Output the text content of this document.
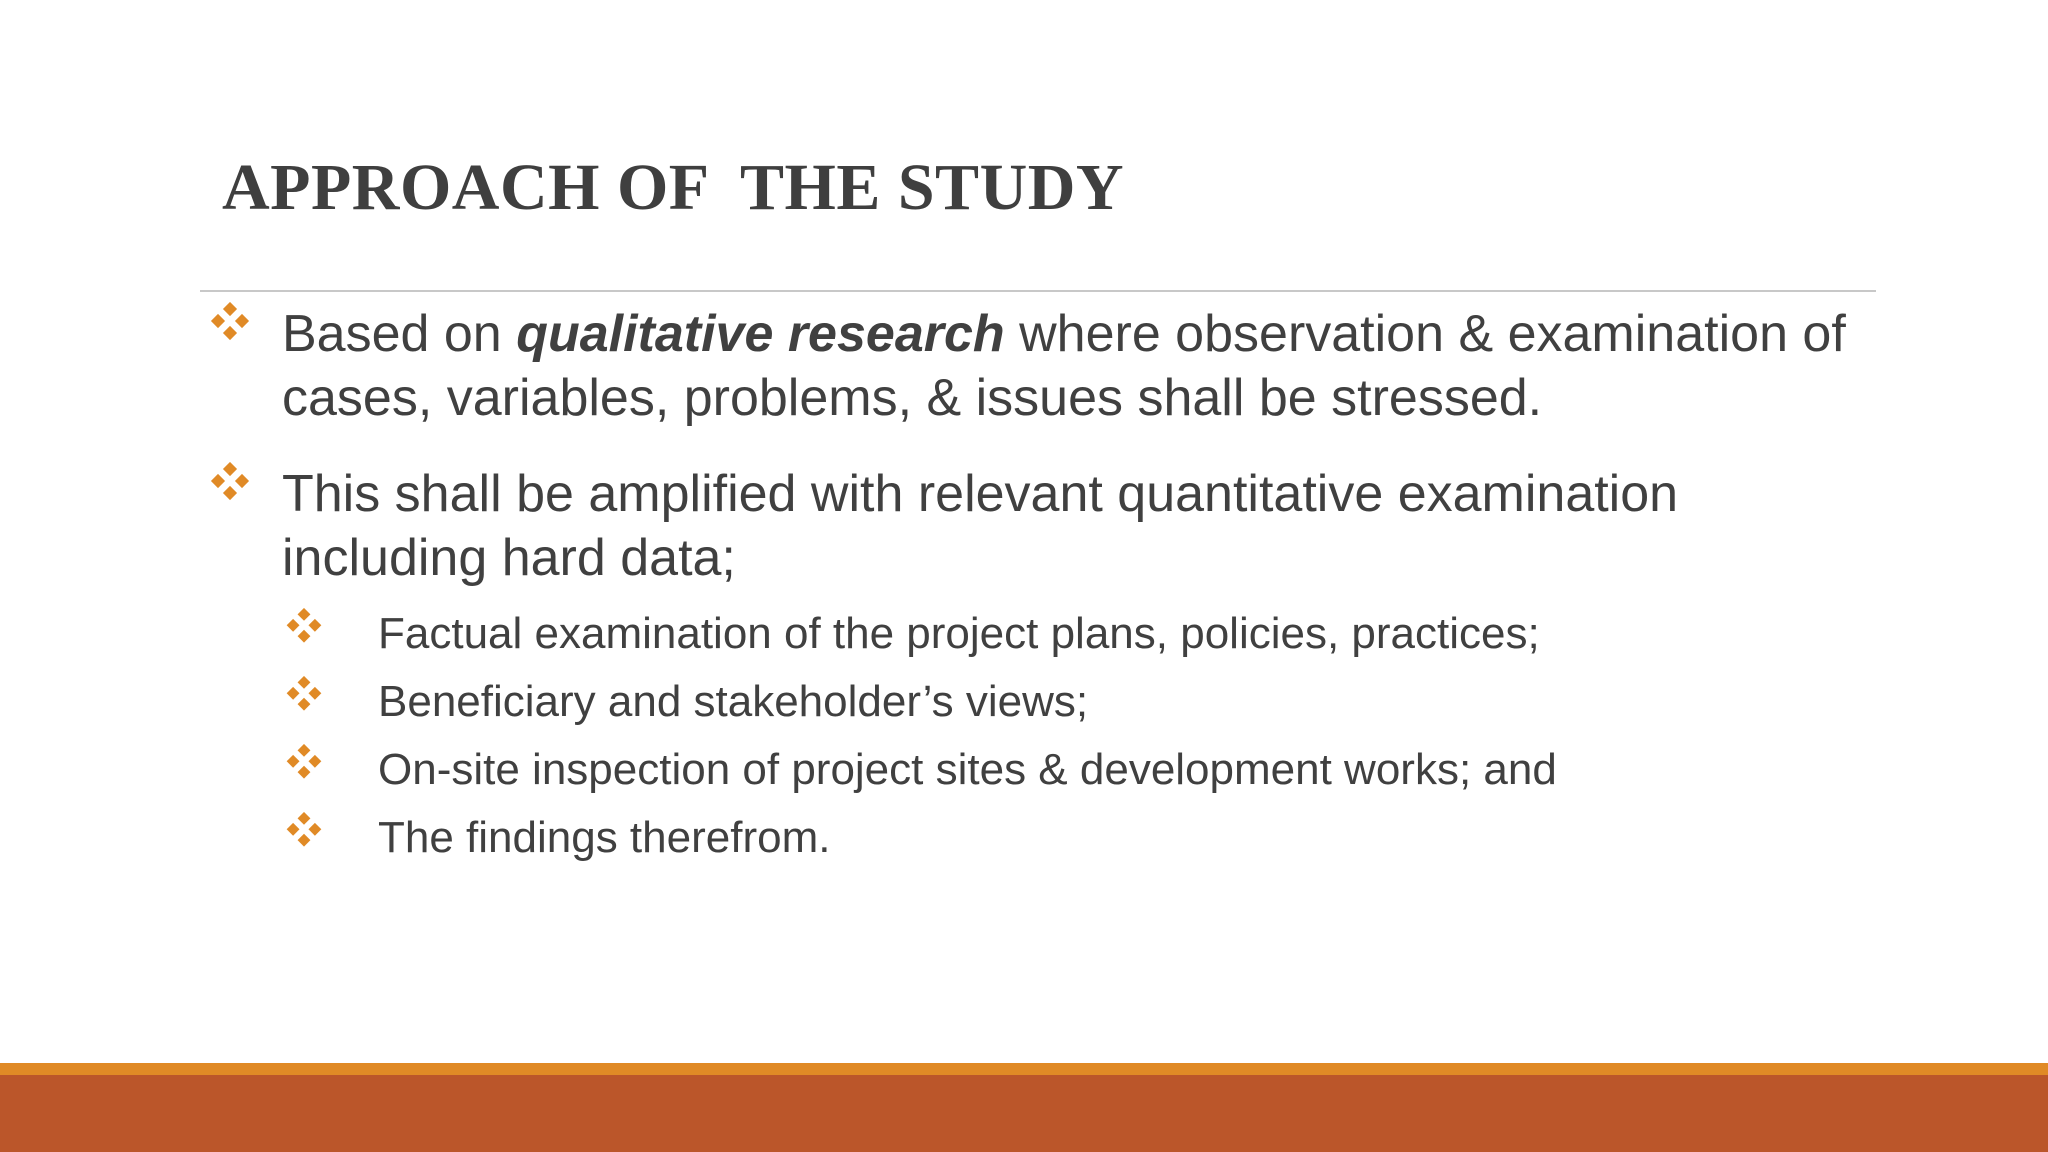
APPROACH OF  THE STUDY
Based on qualitative research where observation & examination of cases, variables, problems, & issues shall be stressed.
This shall be amplified with relevant quantitative examination including hard data;
Factual examination of the project plans, policies, practices;
Beneficiary and stakeholder’s views;
On-site inspection of project sites & development works; and
The findings therefrom.
